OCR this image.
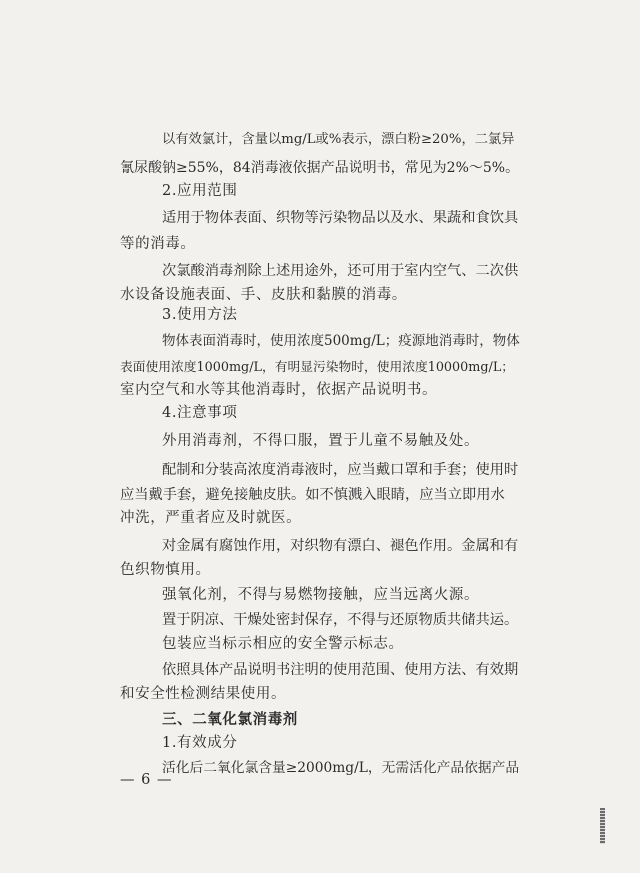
以有效氯计，含量以mg/L或%表示，漂白粉≥20%，二氯异
氰尿酸钠≥55%，84消毒液依据产品说明书，常见为2%～5%。
2.应用范围
适用于物体表面、织物等污染物品以及水、果蔬和食饮具
等的消毒。
次氯酸消毒剂除上述用途外，还可用于室内空气、二次供
水设备设施表面、手、皮肤和黏膜的消毒。
3.使用方法
物体表面消毒时，使用浓度500mg/L；疫源地消毒时，物体
表面使用浓度1000mg/L，有明显污染物时，使用浓度10000mg/L；
室内空气和水等其他消毒时，依据产品说明书。
4.注意事项
外用消毒剂，不得口服，置于儿童不易触及处。
配制和分装高浓度消毒液时，应当戴口罩和手套；使用时
应当戴手套，避免接触皮肤。如不慎溅入眼睛，应当立即用水
冲洗，严重者应及时就医。
对金属有腐蚀作用，对织物有漂白、褪色作用。金属和有
色织物慎用。
强氧化剂，不得与易燃物接触，应当远离火源。
置于阴凉、干燥处密封保存，不得与还原物质共储共运。
包装应当标示相应的安全警示标志。
依照具体产品说明书注明的使用范围、使用方法、有效期
和安全性检测结果使用。
三、二氧化氯消毒剂
1.有效成分
活化后二氧化氯含量≥2000mg/L，无需活化产品依据产品
— 6 —
